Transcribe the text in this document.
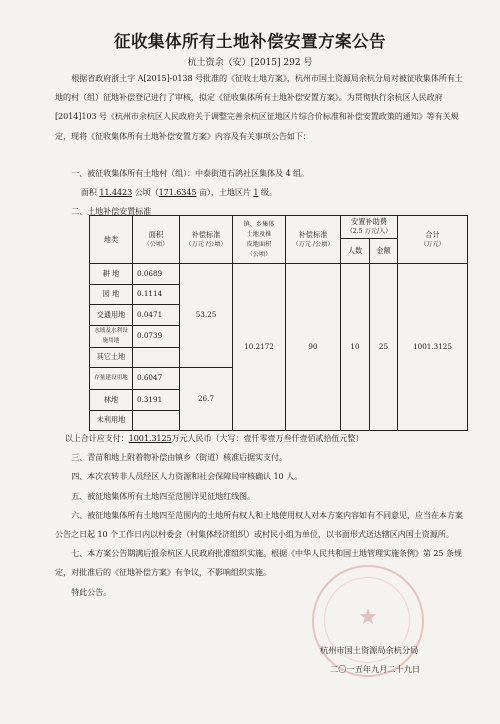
征收集体所有土地补偿安置方案公告
杭土资余（安）[2015] 292 号

根据省政府浙土字 A[2015]-0138 号批准的《征收土地方案》，杭州市国土资源局余杭分局对被征收集体所有土地的村（组）征地补偿登记进行了审核，拟定《征收集体所有土地补偿安置方案》。为贯彻执行余杭区人民政府[2014]103 号《杭州市余杭区人民政府关于调整完善余杭区征地区片综合价标准和补偿安置政策的通知》等有关规定，现将《征收集体所有土地补偿安置方案》内容及有关事项公告如下：

一、被征收集体所有土地村（组）：中泰街道石鸽社区集体及 4 组。

面积 11.4423 公顷（171.6345 亩），土地区片 1 级。

二、土地补偿安置标准

地类	面积
（公顷）	补偿标准
（万元 /公顷）	镇、乡集体
土地及推
皮地面积
（公顷）	补偿标准
（万元 /公顷）	安置补助费
（2.5 万元/人）		合计
（万元）

					人数	金额	
耕 地	0.0689	53.25	10.2172	90	10	25	1001.3125
园 地	0.1114						
交通用地	0.0471						
水域及水利设施用地	0.0739						
其它土地							
存量建设用地	0.6047	26.7					
林地	0.3191						
未利用地							

以上合计应支付：1001.3125万元人民币（大写：壹仟零壹万叁仟壹佰贰拾伍元整）

三、青苗和地上附着物补偿由镇乡（街道）核准后据实支付。

四、本次农转非人员经区人力资源和社会保障局审核确认 10 人。

五、被征地集体所有土地四至范围详见征地红线图。

六、被征地集体所有土地四至范围内的土地所有权人和土地使用权人对本方案内容如有不同意见，应当在本方案公告之日起 10 个工作日内以村委会（村集体经济组织）或村民小组为单位，以书面形式送达辖区内国土资源所。

七、本方案公告期满后报余杭区人民政府批准组织实施。根据《中华人民共和国土地管理实施条例》第 25 条规定，对批准后的《征地补偿方案》有争议，不影响组织实施。

特此公告。

★
杭州市国土资源局余杭分局
二〇一五年九月二十九日
